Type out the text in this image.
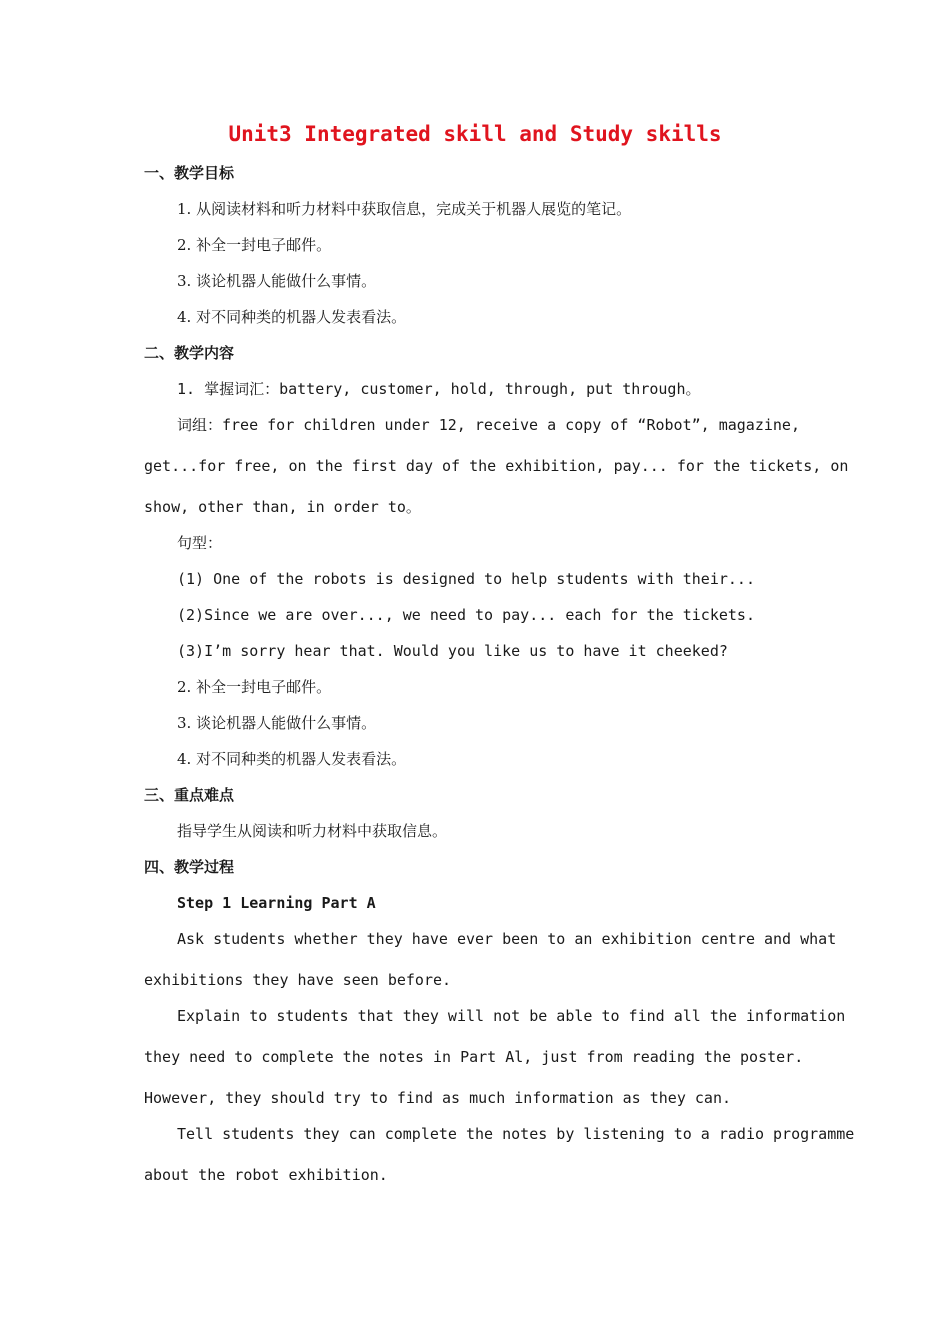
Unit3 Integrated skill and Study skills
一、教学目标
1. 从阅读材料和听力材料中获取信息，完成关于机器人展览的笔记。
2. 补全一封电子邮件。
3. 谈论机器人能做什么事情。
4. 对不同种类的机器人发表看法。
二、教学内容
1. 掌握词汇：battery, customer, hold, through, put through。
词组：free for children under 12, receive a copy of “Robot”, magazine,
get...for free, on the first day of the exhibition, pay... for the tickets, on
show, other than, in order to。
句型：
(1) One of the robots is designed to help students with their...
(2)Since we are over..., we need to pay... each for the tickets.
(3)I’m sorry hear that. Would you like us to have it cheeked?
2. 补全一封电子邮件。
3. 谈论机器人能做什么事情。
4. 对不同种类的机器人发表看法。
三、重点难点
指导学生从阅读和听力材料中获取信息。
四、教学过程
Step 1 Learning Part A
Ask students whether they have ever been to an exhibition centre and what
exhibitions they have seen before.
Explain to students that they will not be able to find all the information
they need to complete the notes in Part Al, just from reading the poster.
However, they should try to find as much information as they can.
Tell students they can complete the notes by listening to a radio programme
about the robot exhibition.
